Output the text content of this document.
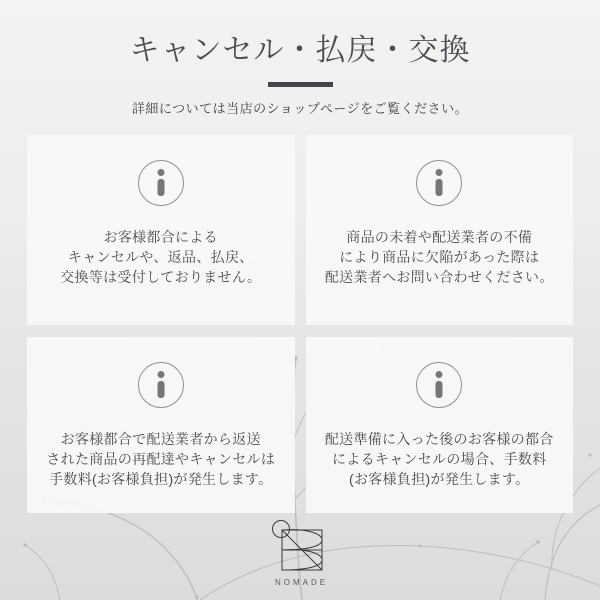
キャンセル・払戻・交換

詳細については当店のショップページをご覧ください。

お客様都合による
キャンセルや、返品、払戻、
交換等は受付しておりません。
商品の未着や配送業者の不備
により商品に欠陥があった際は
配送業者へお問い合わせください。
お客様都合で配送業者から返送
された商品の再配達やキャンセルは
手数料(お客様負担)が発生します。
配送準備に入った後のお客様の都合
によるキャンセルの場合、手数料
(お客様負担)が発生します。
NOMADE
